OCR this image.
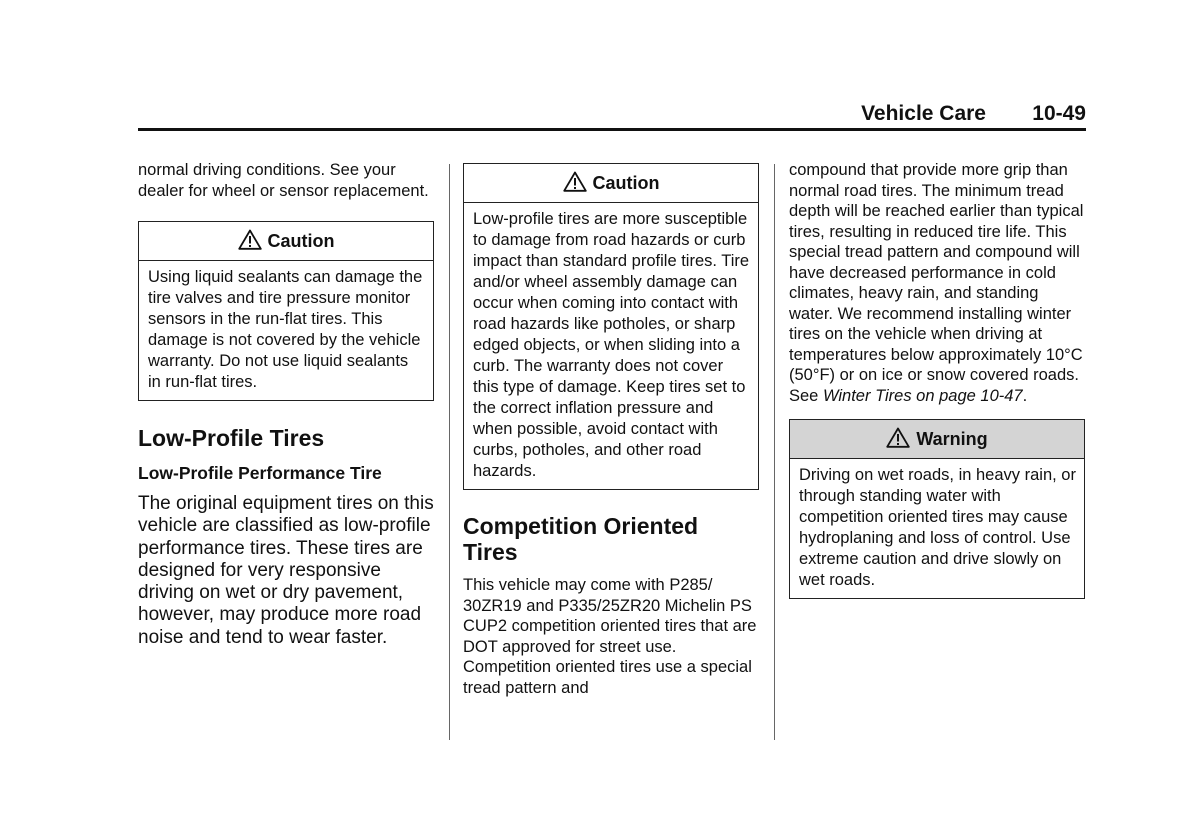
Vehicle Care 10-49

normal driving conditions. See your dealer for wheel or sensor replacement.

Caution
Using liquid sealants can damage the tire valves and tire pressure monitor sensors in the run-flat tires. This damage is not covered by the vehicle warranty. Do not use liquid sealants in run-flat tires.
Low-Profile Tires
Low-Profile Performance Tire

The original equipment tires on this vehicle are classified as low-profile performance tires. These tires are designed for very responsive driving on wet or dry pavement, however, may produce more road noise and tend to wear faster.

Caution
Low-profile tires are more susceptible to damage from road hazards or curb impact than standard profile tires. Tire and/or wheel assembly damage can occur when coming into contact with road hazards like potholes, or sharp edged objects, or when sliding into a curb. The warranty does not cover this type of damage. Keep tires set to the correct inflation pressure and when possible, avoid contact with curbs, potholes, and other road hazards.
Competition Oriented Tires

This vehicle may come with P285/ 30ZR19 and P335/25ZR20 Michelin PS CUP2 competition oriented tires that are DOT approved for street use. Competition oriented tires use a special tread pattern and

compound that provide more grip than normal road tires. The minimum tread depth will be reached earlier than typical tires, resulting in reduced tire life. This special tread pattern and compound will have decreased performance in cold climates, heavy rain, and standing water. We recommend installing winter tires on the vehicle when driving at temperatures below approximately 10°C (50°F) or on ice or snow covered roads. See Winter Tires on page 10-47.

Warning
Driving on wet roads, in heavy rain, or through standing water with competition oriented tires may cause hydroplaning and loss of control. Use extreme caution and drive slowly on wet roads.
